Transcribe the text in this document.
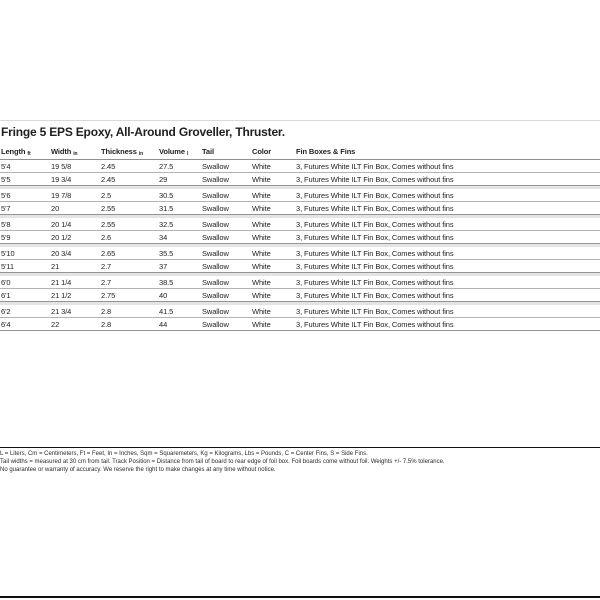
Fringe 5 EPS Epoxy, All-Around Groveller, Thruster.
Length ft	Width in	Thickness in	Volume l	Tail	Color	Fin Boxes & Fins
5'4	19 5/8	2.45	27.5	Swallow	White	3, Futures White ILT Fin Box, Comes without fins
5'5	19 3/4	2.45	29	Swallow	White	3, Futures White ILT Fin Box, Comes without fins
5'6	19 7/8	2.5	30.5	Swallow	White	3, Futures White ILT Fin Box, Comes without fins
5'7	20	2.55	31.5	Swallow	White	3, Futures White ILT Fin Box, Comes without fins
5'8	20 1/4	2.55	32.5	Swallow	White	3, Futures White ILT Fin Box, Comes without fins
5'9	20 1/2	2.6	34	Swallow	White	3, Futures White ILT Fin Box, Comes without fins
5'10	20 3/4	2.65	35.5	Swallow	White	3, Futures White ILT Fin Box, Comes without fins
5'11	21	2.7	37	Swallow	White	3, Futures White ILT Fin Box, Comes without fins
6'0	21 1/4	2.7	38.5	Swallow	White	3, Futures White ILT Fin Box, Comes without fins
6'1	21 1/2	2.75	40	Swallow	White	3, Futures White ILT Fin Box, Comes without fins
6'2	21 3/4	2.8	41.5	Swallow	White	3, Futures White ILT Fin Box, Comes without fins
6'4	22	2.8	44	Swallow	White	3, Futures White ILT Fin Box, Comes without fins
L = Liters, Cm = Centimeters, Ft = Feet, In = Inches, Sqm = Squaremeters, Kg = Kilograms, Lbs = Pounds, C = Center Fins, S = Side Fins.
Tail widths = measured at 30 cm from tail. Track Position = Distance from tail of board to rear edge of foil box. Foil boards come without foil. Weights +/- 7.5% tolerance.
No guarantee or warranty of accuracy. We reserve the right to make changes at any time without notice.
